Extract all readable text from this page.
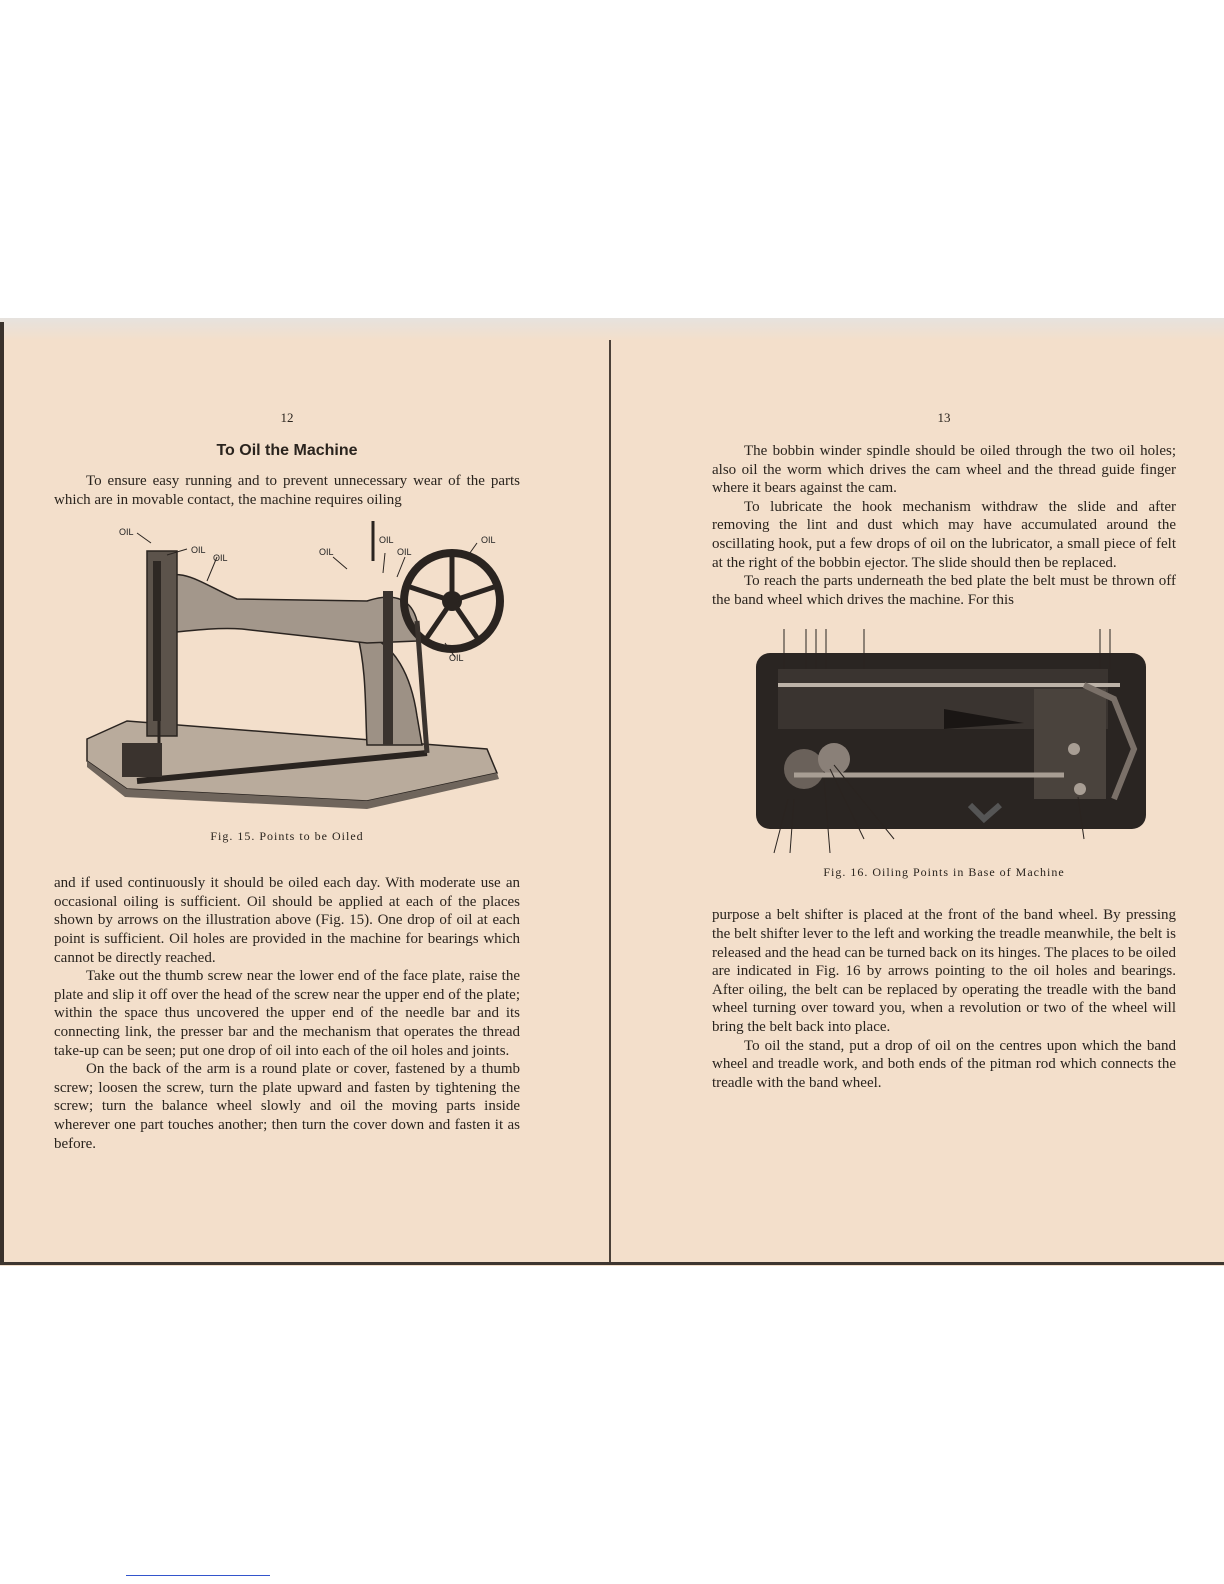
12
To Oil the Machine

To ensure easy running and to prevent unnecessary wear of the parts which are in movable contact, the machine requires oiling

OIL
OIL
OIL
OIL
OIL
OIL
OIL
OIL
Fig. 15. Points to be Oiled

and if used continuously it should be oiled each day. With moderate use an occasional oiling is sufficient. Oil should be applied at each of the places shown by arrows on the illustration above (Fig. 15). One drop of oil at each point is sufficient. Oil holes are provided in the machine for bearings which cannot be directly reached.

Take out the thumb screw near the lower end of the face plate, raise the plate and slip it off over the head of the screw near the upper end of the plate; within the space thus uncovered the upper end of the needle bar and its connecting link, the presser bar and the mechanism that operates the thread take-up can be seen; put one drop of oil into each of the oil holes and joints.

On the back of the arm is a round plate or cover, fastened by a thumb screw; loosen the screw, turn the plate upward and fasten by tightening the screw; turn the balance wheel slowly and oil the moving parts inside wherever one part touches another; then turn the cover down and fasten it as before.

13

The bobbin winder spindle should be oiled through the two oil holes; also oil the worm which drives the cam wheel and the thread guide finger where it bears against the cam.

To lubricate the hook mechanism withdraw the slide and after removing the lint and dust which may have accumulated around the oscillating hook, put a few drops of oil on the lubricator, a small piece of felt at the right of the bobbin ejector. The slide should then be replaced.

To reach the parts underneath the bed plate the belt must be thrown off the band wheel which drives the machine. For this

Fig. 16. Oiling Points in Base of Machine

purpose a belt shifter is placed at the front of the band wheel. By pressing the belt shifter lever to the left and working the treadle meanwhile, the belt is released and the head can be turned back on its hinges. The places to be oiled are indicated in Fig. 16 by arrows pointing to the oil holes and bearings. After oiling, the belt can be replaced by operating the treadle with the band wheel turning over toward you, when a revolution or two of the wheel will bring the belt back into place.

To oil the stand, put a drop of oil on the centres upon which the band wheel and treadle work, and both ends of the pitman rod which connects the treadle with the band wheel.
